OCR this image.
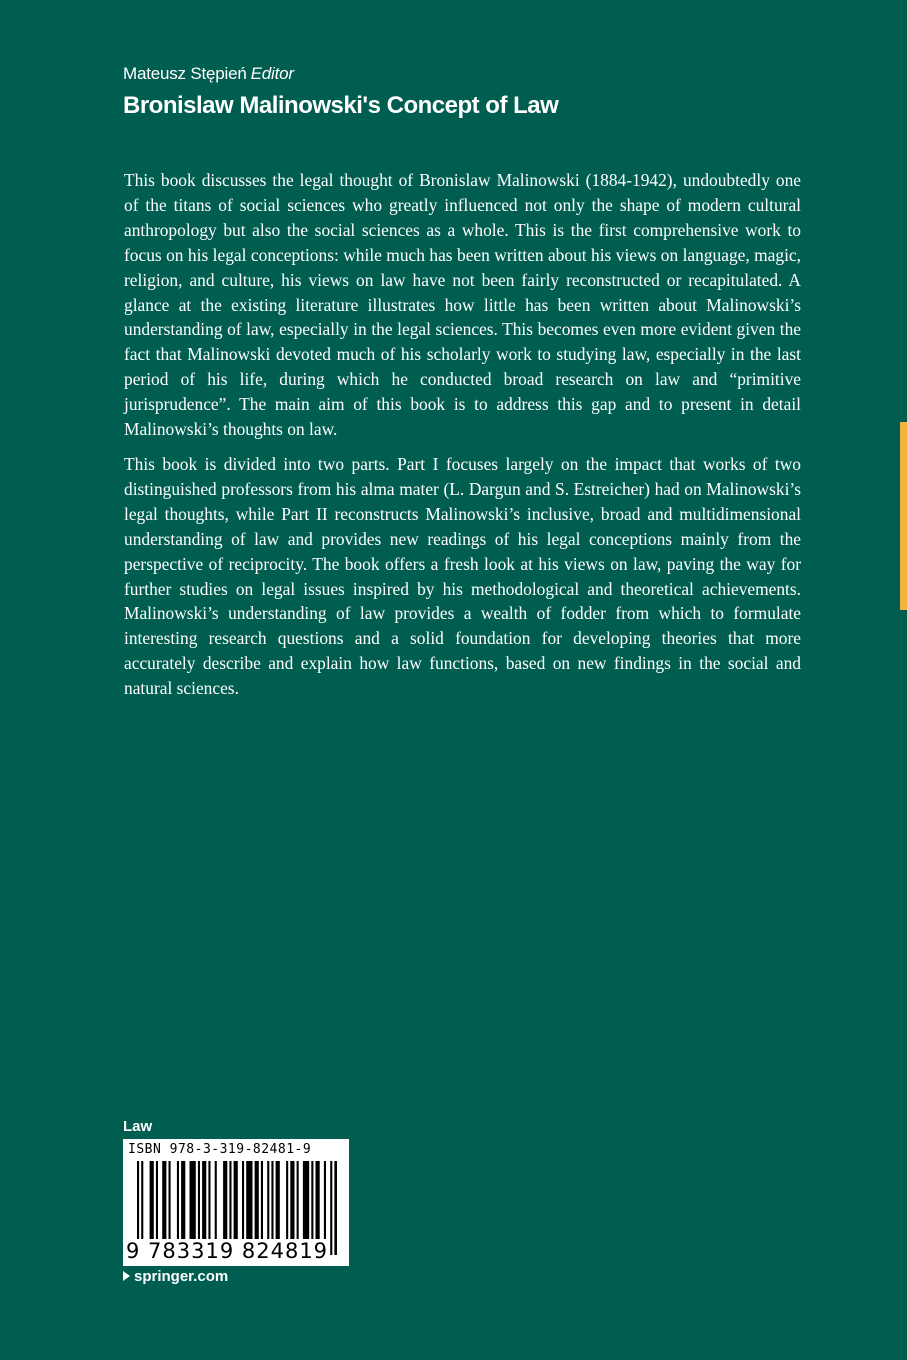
Mateusz Stępień Editor
Bronislaw Malinowski's Concept of Law

This book discusses the legal thought of Bronislaw Malinowski (1884-1942), undoubtedly one of the titans of social sciences who greatly influenced not only the shape of modern cultural anthropology but also the social sciences as a whole. This is the first comprehensive work to focus on his legal conceptions: while much has been written about his views on language, magic, religion, and culture, his views on law have not been fairly reconstructed or recapitulated. A glance at the existing literature illustrates how little has been written about Malinowski’s understanding of law, especially in the legal sciences. This becomes even more evident given the fact that Malinowski devoted much of his scholarly work to studying law, especially in the last period of his life, during which he conducted broad research on law and “primitive jurisprudence”. The main aim of this book is to address this gap and to present in detail Malinowski’s thoughts on law.

This book is divided into two parts. Part I focuses largely on the impact that works of two distinguished professors from his alma mater (L. Dargun and S. Estreicher) had on Malinowski’s legal thoughts, while Part II reconstructs Malinowski’s inclusive, broad and multidimensional understanding of law and provides new readings of his legal conceptions mainly from the perspective of reciprocity. The book offers a fresh look at his views on law, paving the way for further studies on legal issues inspired by his methodological and theoretical achievements. Malinowski’s understanding of law provides a wealth of fodder from which to formulate interesting research questions and a solid foundation for developing theories that more accurately describe and explain how law functions, based on new findings in the social and natural sciences.

Law
ISBN 978-3-319-82481-9
9 783319 824819
springer.com
